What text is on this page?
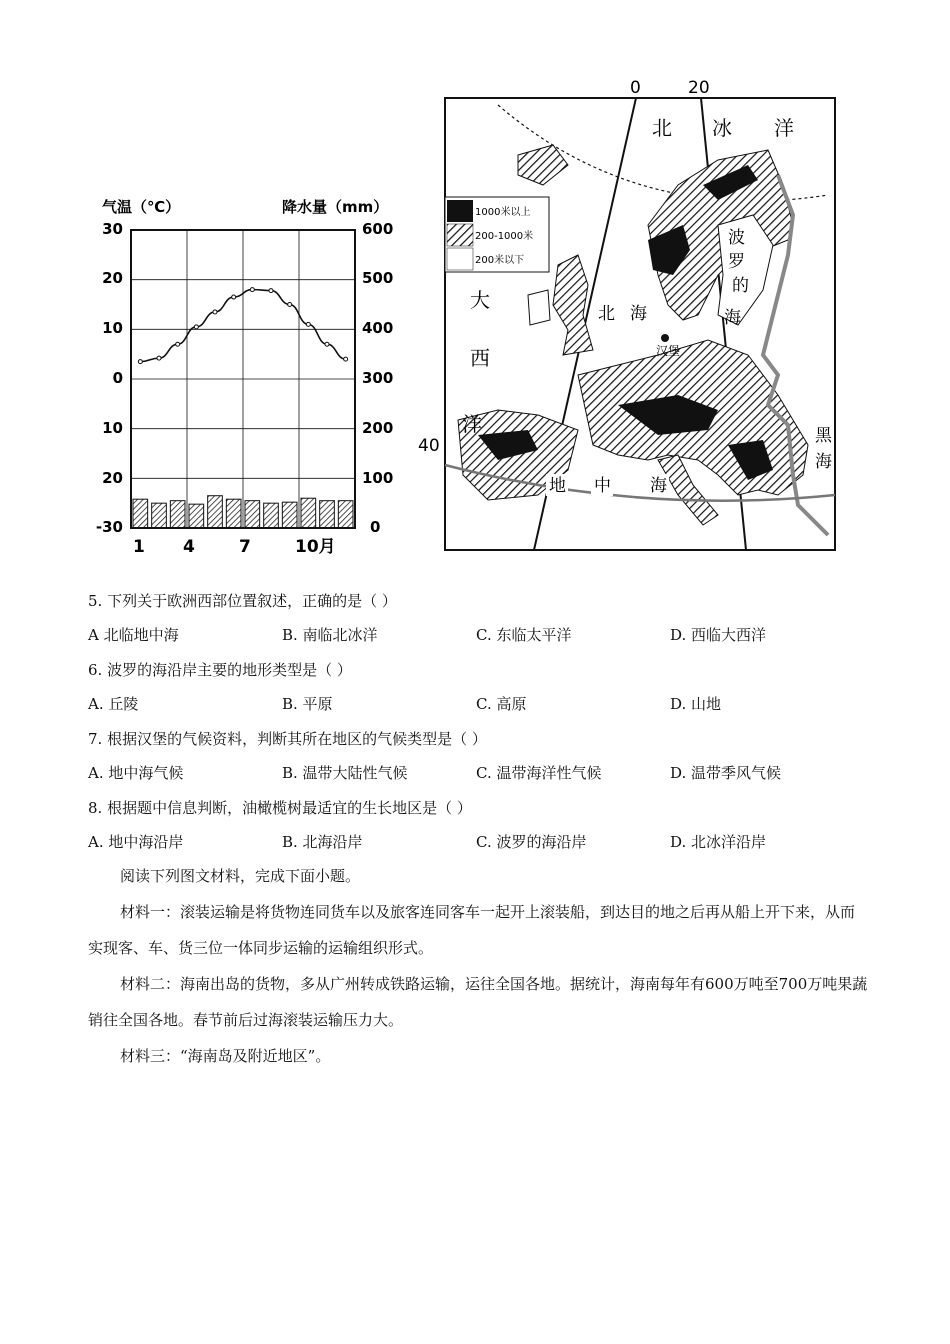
气温（℃）	降水量（mm）
30
20
10
0
10
20
-30
600
500
400
300
200
100
0
1 4	7	10月
0	20
40
汉堡
1000米以上
200-1000米
200米以下
北 冰 洋
大
西
洋
北 海
波
罗
的
海
黑
海
地 中 海
5. 下列关于欧洲西部位置叙述，正确的是（ ）
A 北临地中海	B. 南临北冰洋	C. 东临太平洋	D. 西临大西洋
6. 波罗的海沿岸主要的地形类型是（ ）
A. 丘陵	B. 平原	C. 高原	D. 山地
7. 根据汉堡的气候资料，判断其所在地区的气候类型是（ ）
A. 地中海气候	B. 温带大陆性气候	C. 温带海洋性气候	D. 温带季风气候
8. 根据题中信息判断，油橄榄树最适宜的生长地区是（ ）
A. 地中海沿岸	B. 北海沿岸	C. 波罗的海沿岸	D. 北冰洋沿岸
阅读下列图文材料，完成下面小题。
材料一：滚装运输是将货物连同货车以及旅客连同客车一起开上滚装船，到达目的地之后再从船上开下来，从而实现客、车、货三位一体同步运输的运输组织形式。
材料二：海南出岛的货物，多从广州转成铁路运输，运往全国各地。据统计，海南每年有600万吨至700万吨果蔬销往全国各地。春节前后过海滚装运输压力大。
材料三：“海南岛及附近地区”。
